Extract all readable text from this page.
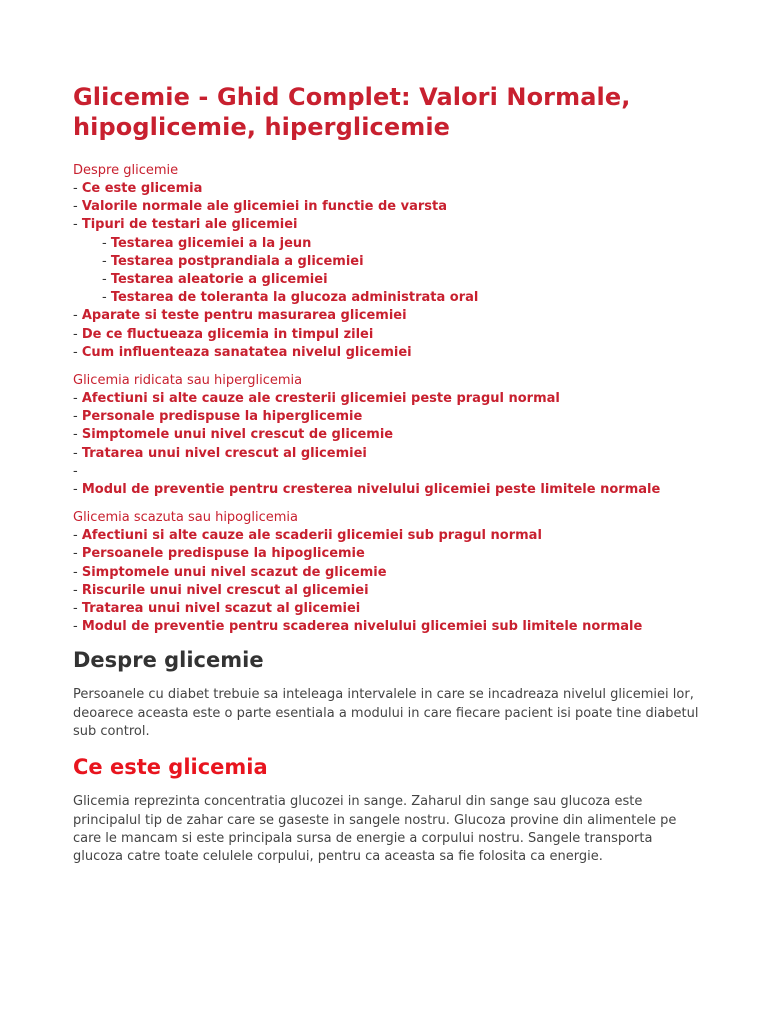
Glicemie - Ghid Complet: Valori Normale, hipoglicemie, hiperglicemie
Despre glicemie
- Ce este glicemia
- Valorile normale ale glicemiei in functie de varsta
- Tipuri de testari ale glicemiei
- Testarea glicemiei a la jeun
- Testarea postprandiala a glicemiei
- Testarea aleatorie a glicemiei
- Testarea de toleranta la glucoza administrata oral
- Aparate si teste pentru masurarea glicemiei
- De ce fluctueaza glicemia in timpul zilei
- Cum influenteaza sanatatea nivelul glicemiei
Glicemia ridicata sau hiperglicemia
- Afectiuni si alte cauze ale cresterii glicemiei peste pragul normal
- Personale predispuse la hiperglicemie
- Simptomele unui nivel crescut de glicemie
- Tratarea unui nivel crescut al glicemiei
-
- Modul de preventie pentru cresterea nivelului glicemiei peste limitele normale
Glicemia scazuta sau hipoglicemia
- Afectiuni si alte cauze ale scaderii glicemiei sub pragul normal
- Persoanele predispuse la hipoglicemie
- Simptomele unui nivel scazut de glicemie
- Riscurile unui nivel crescut al glicemiei
- Tratarea unui nivel scazut al glicemiei
- Modul de preventie pentru scaderea nivelului glicemiei sub limitele normale
Despre glicemie

Persoanele cu diabet trebuie sa inteleaga intervalele in care se incadreaza nivelul glicemiei lor, deoarece aceasta este o parte esentiala a modului in care fiecare pacient isi poate tine diabetul sub control.

Ce este glicemia

Glicemia reprezinta concentratia glucozei in sange. Zaharul din sange sau glucoza este principalul tip de zahar care se gaseste in sangele nostru. Glucoza provine din alimentele pe care le mancam si este principala sursa de energie a corpului nostru. Sangele transporta glucoza catre toate celulele corpului, pentru ca aceasta sa fie folosita ca energie.
